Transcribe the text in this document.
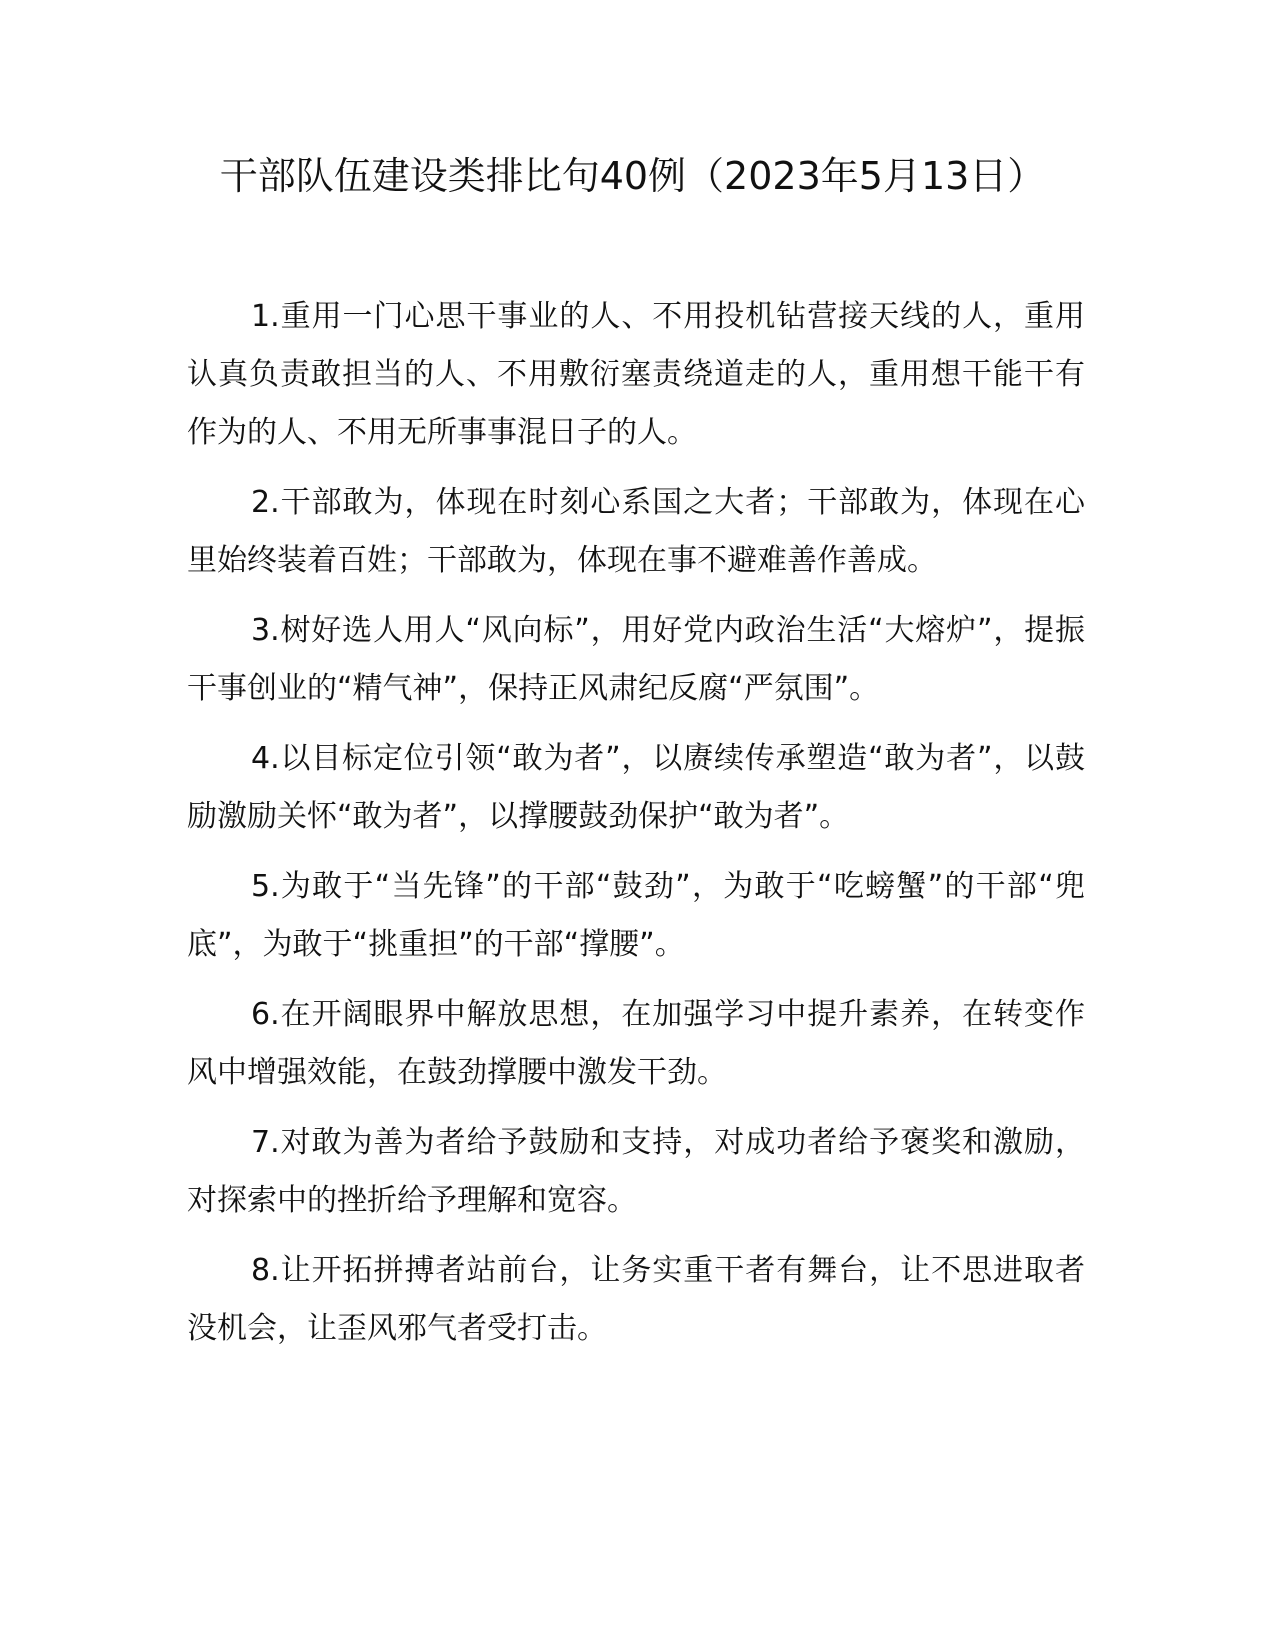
干部队伍建设类排比句40例（2023年5月13日）

1.重用一门心思干事业的人、不用投机钻营接天线的人，重用认真负责敢担当的人、不用敷衍塞责绕道走的人，重用想干能干有作为的人、不用无所事事混日子的人。

2.干部敢为，体现在时刻心系国之大者；干部敢为，体现在心里始终装着百姓；干部敢为，体现在事不避难善作善成。

3.树好选人用人“风向标”，用好党内政治生活“大熔炉”，提振干事创业的“精气神”，保持正风肃纪反腐“严氛围”。

4.以目标定位引领“敢为者”，以赓续传承塑造“敢为者”，以鼓励激励关怀“敢为者”，以撑腰鼓劲保护“敢为者”。

5.为敢于“当先锋”的干部“鼓劲”，为敢于“吃螃蟹”的干部“兜底”，为敢于“挑重担”的干部“撑腰”。

6.在开阔眼界中解放思想，在加强学习中提升素养，在转变作风中增强效能，在鼓劲撑腰中激发干劲。

7.对敢为善为者给予鼓励和支持，对成功者给予褒奖和激励，对探索中的挫折给予理解和宽容。

8.让开拓拼搏者站前台，让务实重干者有舞台，让不思进取者没机会，让歪风邪气者受打击。
